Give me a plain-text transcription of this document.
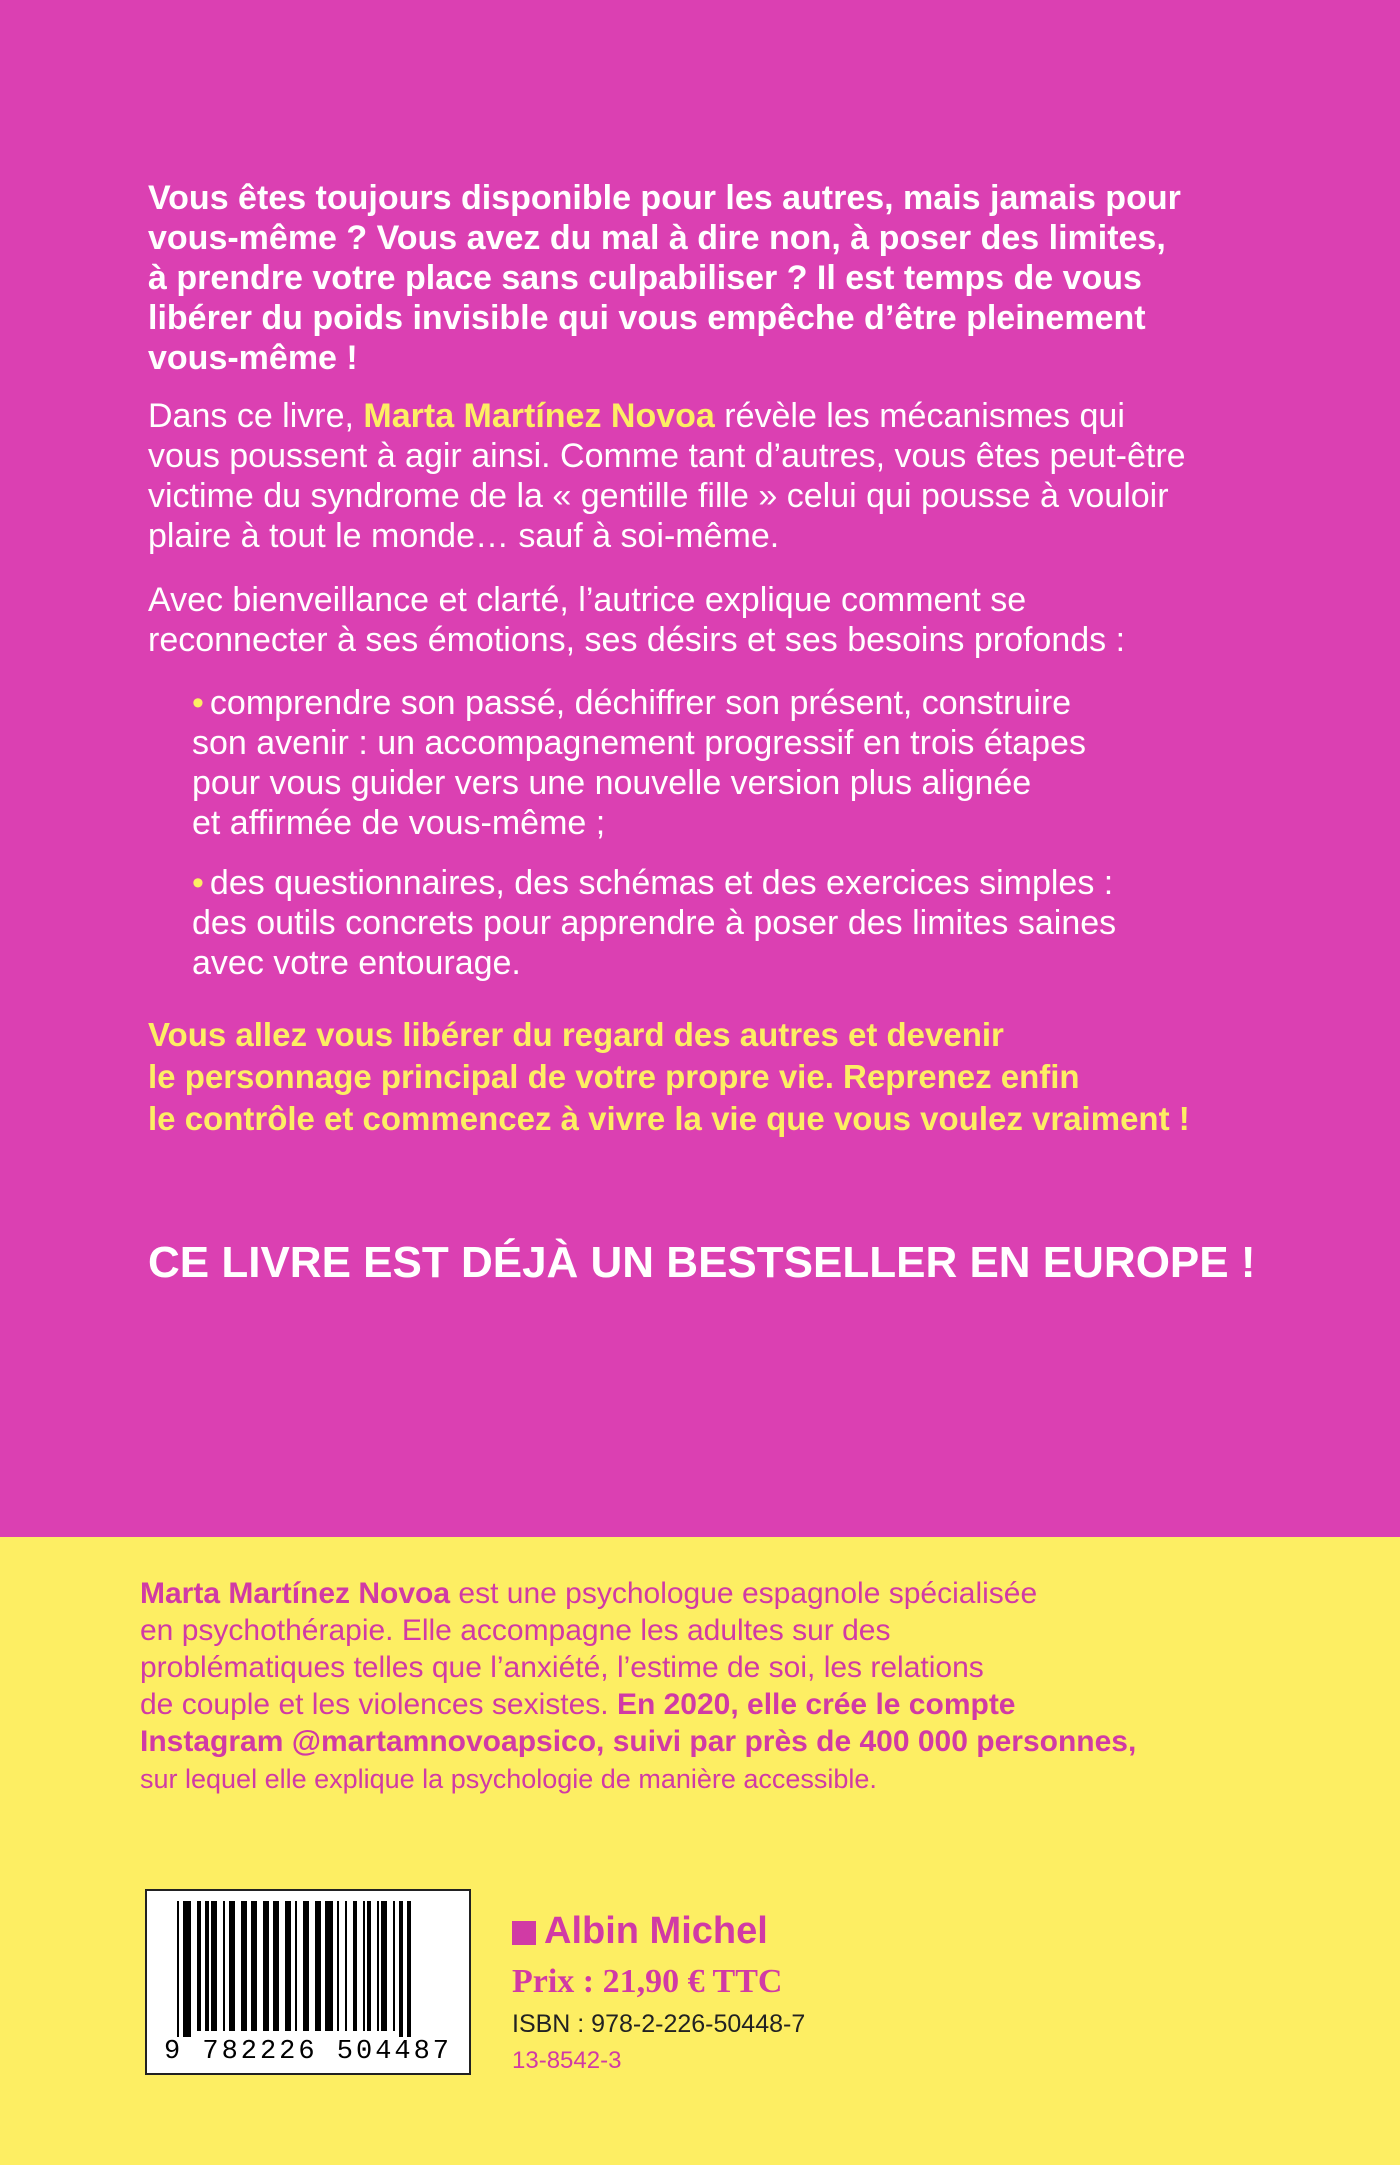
Vous êtes toujours disponible pour les autres, mais jamais pour
vous-même ? Vous avez du mal à dire non, à poser des limites,
à prendre votre place sans culpabiliser ? Il est temps de vous
libérer du poids invisible qui vous empêche d’être pleinement
vous-même !

Dans ce livre, Marta Martínez Novoa révèle les mécanismes qui
vous poussent à agir ainsi. Comme tant d’autres, vous êtes peut-être
victime du syndrome de la « gentille fille » celui qui pousse à vouloir
plaire à tout le monde… sauf à soi-même.

Avec bienveillance et clarté, l’autrice explique comment se
reconnecter à ses émotions, ses désirs et ses besoins profonds :

• comprendre son passé, déchiffrer son présent, construire
son avenir : un accompagnement progressif en trois étapes
pour vous guider vers une nouvelle version plus alignée
et affirmée de vous-même ;

• des questionnaires, des schémas et des exercices simples :
des outils concrets pour apprendre à poser des limites saines
avec votre entourage.

Vous allez vous libérer du regard des autres et devenir
le personnage principal de votre propre vie. Reprenez enfin
le contrôle et commencez à vivre la vie que vous voulez vraiment !

CE LIVRE EST DÉJÀ UN BESTSELLER EN EUROPE !

Marta Martínez Novoa est une psychologue espagnole spécialisée
en psychothérapie. Elle accompagne les adultes sur des
problématiques telles que l’anxiété, l’estime de soi, les relations
de couple et les violences sexistes. En 2020, elle crée le compte
Instagram @martamnovoapsico, suivi par près de 400 000 personnes,
sur lequel elle explique la psychologie de manière accessible.

9 782226 504487
Albin Michel
Prix : 21,90 € TTC
ISBN : 978-2-226-50448-7
13-8542-3
